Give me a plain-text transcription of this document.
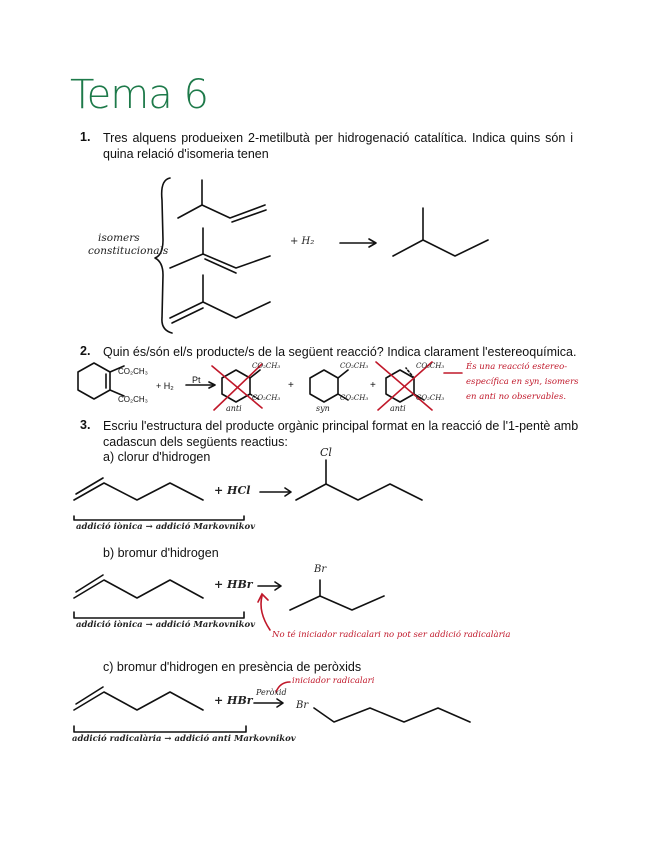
Tema 6
1. Tres alquens produeixen 2-metilbutà per hidrogenació catalítica. Indica quins són i quina relació d'isomeria tenen
2. Quin és/són el/s producte/s de la següent reacció? Indica clarament l'estereoquímica.
3. Escriu l'estructura del producte orgànic principal format en la reacció de l'1-pentè amb
cadascun dels següents reactius:
a) clorur d'hidrogen
b) bromur d'hidrogen
c) bromur d'hidrogen en presència de peròxids
isomers
constitucionals
+ H₂
CO₂CH₃
CO₂CH₃
+ H₂
Pt
CO₂CH₃
CO₂CH₃
anti
+
CO₂CH₃
CO₂CH₃
syn
+
CO₂CH₃
CO₂CH₃
anti
És una reacció estereo-
específica en syn, isomers
en anti no observables.
+ HCl
Cl
addició iònica → addició Markovnikov
+ HBr
Br
addició iònica → addició Markovnikov
No té iniciador radicalari no pot ser addició radicalària
+ HBr
Peròxid
iniciador radicalari
Br
addició radicalària → addició anti Markovnikov
